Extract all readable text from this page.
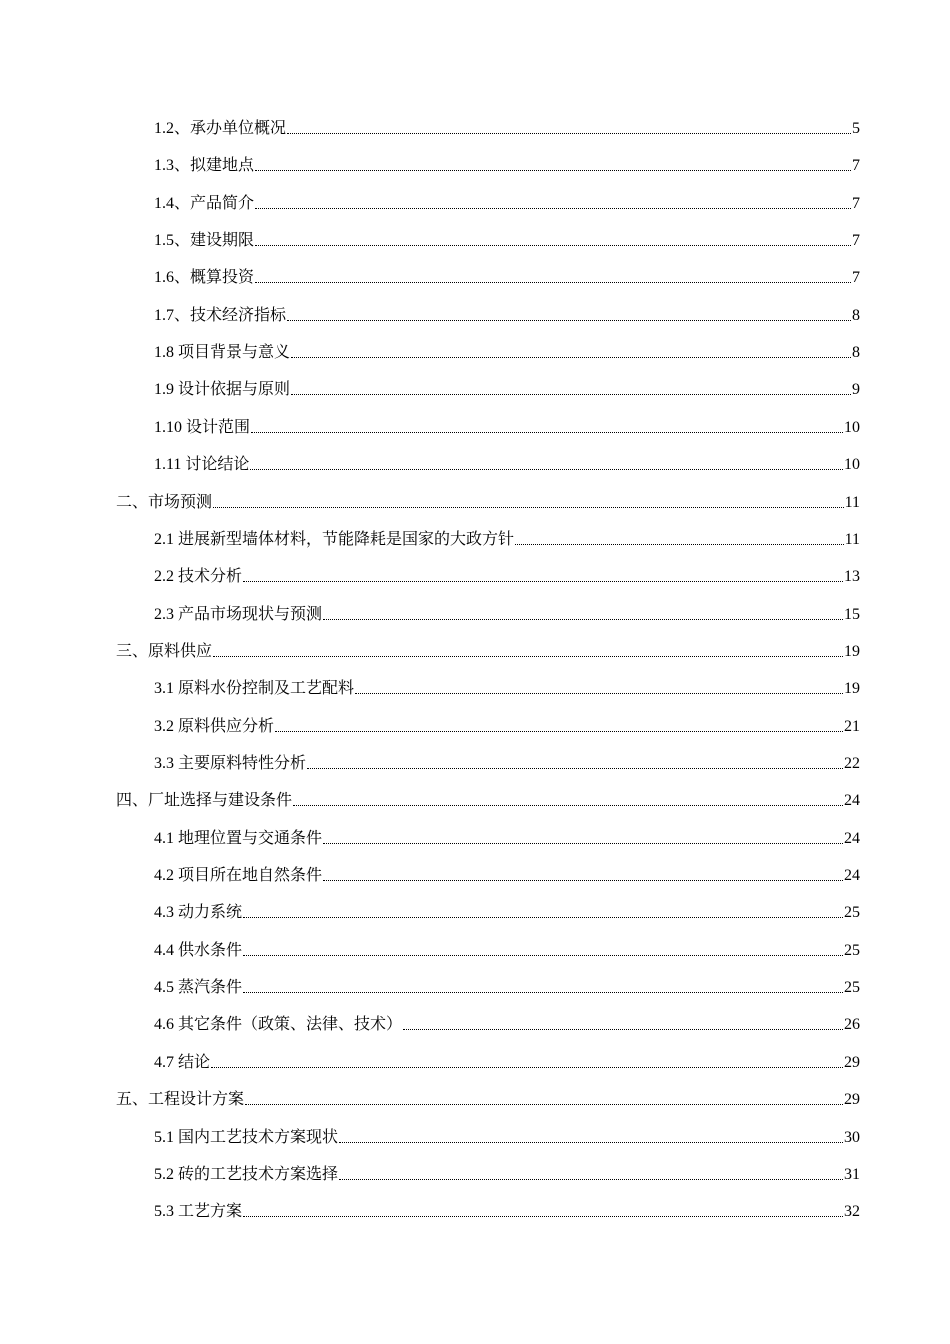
1.2、承办单位概况	5
1.3、拟建地点	7
1.4、产品简介	7
1.5、建设期限	7
1.6、概算投资	7
1.7、技术经济指标	8
1.8 项目背景与意义	8
1.9 设计依据与原则	9
1.10 设计范围	10
1.11 讨论结论	10
二、市场预测	11
2.1 进展新型墙体材料，节能降耗是国家的大政方针	11
2.2 技术分析	13
2.3 产品市场现状与预测	15
三、原料供应	19
3.1 原料水份控制及工艺配料	19
3.2 原料供应分析	21
3.3 主要原料特性分析	22
四、厂址选择与建设条件	24
4.1 地理位置与交通条件	24
4.2 项目所在地自然条件	24
4.3 动力系统	25
4.4 供水条件	25
4.5 蒸汽条件	25
4.6 其它条件（政策、法律、技术）	26
4.7 结论	29
五、工程设计方案	29
5.1 国内工艺技术方案现状	30
5.2 砖的工艺技术方案选择	31
5.3 工艺方案	32
